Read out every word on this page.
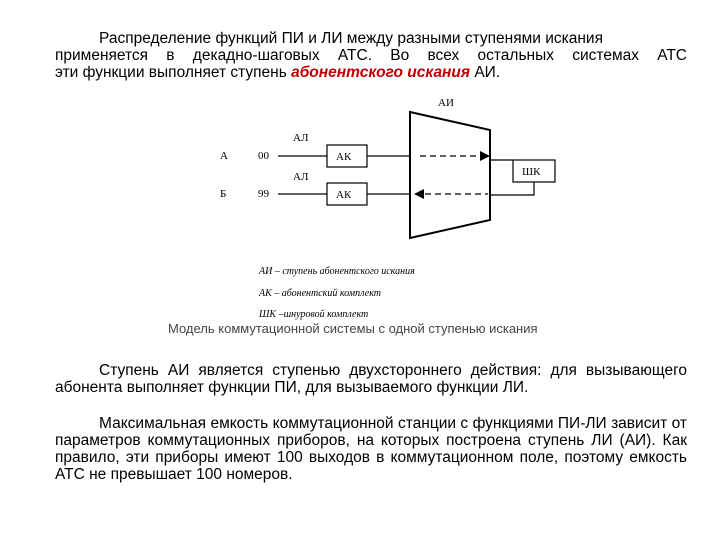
Распределение функций ПИ и ЛИ между разными ступенями искания
применяется в декадно-шаговых АТС. Во всех остальных системах АТС
эти функции выполняет ступень абонентского искания АИ.
АИ
АЛ
АЛ
А	00	АК
Б	99	АК
ШК
АИ – ступень абонентского искания
АК – абонентский комплект
ШК –шнуровой комплект
Модель коммутационной системы с одной ступенью искания
Ступень АИ является ступенью двухстороннего действия: для вызывающего абонента выполняет функции ПИ, для вызываемого функции ЛИ.
Максимальная емкость коммутационной станции с функциями ПИ-ЛИ зависит от параметров коммутационных приборов, на которых построена ступень ЛИ (АИ). Как правило, эти приборы имеют 100 выходов в коммутационном поле, поэтому емкость АТС не превышает 100 номеров.
